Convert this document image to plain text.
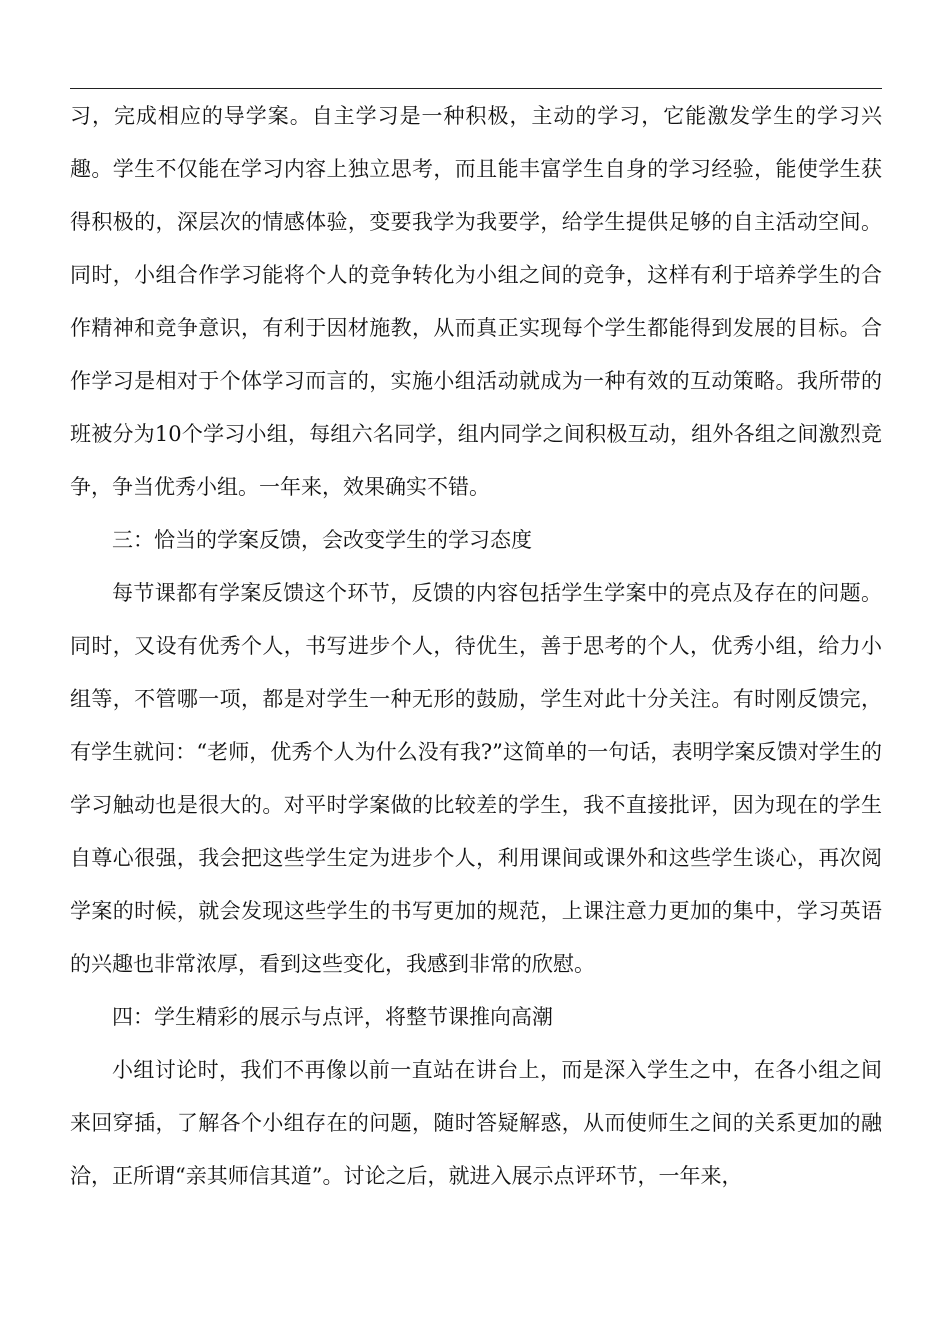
习，完成相应的导学案。自主学习是一种积极，主动的学习，它能激发学生的学习兴趣。学生不仅能在学习内容上独立思考，而且能丰富学生自身的学习经验，能使学生获得积极的，深层次的情感体验，变要我学为我要学，给学生提供足够的自主活动空间。同时，小组合作学习能将个人的竞争转化为小组之间的竞争，这样有利于培养学生的合作精神和竞争意识，有利于因材施教，从而真正实现每个学生都能得到发展的目标。合作学习是相对于个体学习而言的，实施小组活动就成为一种有效的互动策略。我所带的班被分为10个学习小组，每组六名同学，组内同学之间积极互动，组外各组之间激烈竞争，争当优秀小组。一年来，效果确实不错。

三：恰当的学案反馈，会改变学生的学习态度

每节课都有学案反馈这个环节，反馈的内容包括学生学案中的亮点及存在的问题。同时，又设有优秀个人，书写进步个人，待优生，善于思考的个人，优秀小组，给力小组等，不管哪一项，都是对学生一种无形的鼓励，学生对此十分关注。有时刚反馈完，有学生就问：“老师，优秀个人为什么没有我?”这简单的一句话，表明学案反馈对学生的学习触动也是很大的。对平时学案做的比较差的学生，我不直接批评，因为现在的学生自尊心很强，我会把这些学生定为进步个人，利用课间或课外和这些学生谈心，再次阅学案的时候，就会发现这些学生的书写更加的规范，上课注意力更加的集中，学习英语的兴趣也非常浓厚，看到这些变化，我感到非常的欣慰。

四：学生精彩的展示与点评，将整节课推向高潮

小组讨论时，我们不再像以前一直站在讲台上，而是深入学生之中，在各小组之间来回穿插，了解各个小组存在的问题，随时答疑解惑，从而使师生之间的关系更加的融洽，正所谓“亲其师信其道”。讨论之后，就进入展示点评环节，一年来，
